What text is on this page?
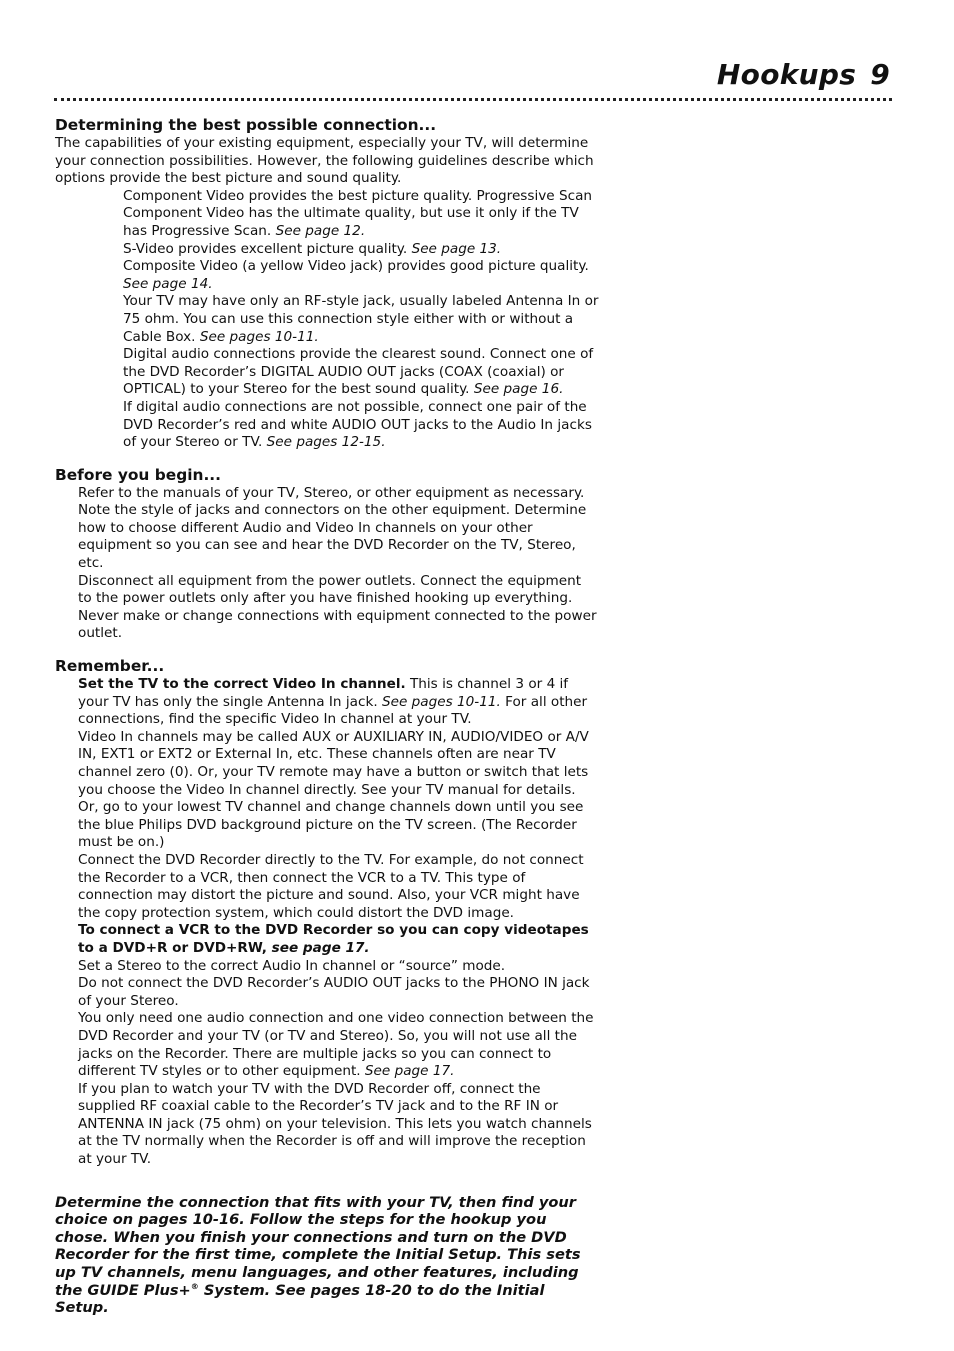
Hookups 9
Determining the best possible connection...

The capabilities of your existing equipment, especially your TV, will determine your connection possibilities. However, the following guidelines describe which options provide the best picture and sound quality.

Component Video provides the best picture quality. Progressive Scan Component Video has the ultimate quality, but use it only if the TV has Progressive Scan. See page 12.

S-Video provides excellent picture quality. See page 13.

Composite Video (a yellow Video jack) provides good picture quality. See page 14.

Your TV may have only an RF-style jack, usually labeled Antenna In or 75 ohm. You can use this connection style either with or without a Cable Box. See pages 10-11.

Digital audio connections provide the clearest sound. Connect one of the DVD Recorder’s DIGITAL AUDIO OUT jacks (COAX (coaxial) or OPTICAL) to your Stereo for the best sound quality. See page 16.

If digital audio connections are not possible, connect one pair of the DVD Recorder’s red and white AUDIO OUT jacks to the Audio In jacks of your Stereo or TV. See pages 12-15.

Before you begin...

Refer to the manuals of your TV, Stereo, or other equipment as necessary.

Note the style of jacks and connectors on the other equipment. Determine how to choose different Audio and Video In channels on your other equipment so you can see and hear the DVD Recorder on the TV, Stereo, etc.

Disconnect all equipment from the power outlets. Connect the equipment to the power outlets only after you have finished hooking up everything. Never make or change connections with equipment connected to the power outlet.

Remember...

Set the TV to the correct Video In channel. This is channel 3 or 4 if your TV has only the single Antenna In jack. See pages 10-11. For all other connections, find the specific Video In channel at your TV.

Video In channels may be called AUX or AUXILIARY IN, AUDIO/VIDEO or A/V IN, EXT1 or EXT2 or External In, etc. These channels often are near TV channel zero (0). Or, your TV remote may have a button or switch that lets you choose the Video In channel directly. See your TV manual for details.

Or, go to your lowest TV channel and change channels down until you see the blue Philips DVD background picture on the TV screen. (The Recorder must be on.)

Connect the DVD Recorder directly to the TV. For example, do not connect the Recorder to a VCR, then connect the VCR to a TV. This type of connection may distort the picture and sound. Also, your VCR might have the copy protection system, which could distort the DVD image.

To connect a VCR to the DVD Recorder so you can copy videotapes to a DVD+R or DVD+RW, see page 17.

Set a Stereo to the correct Audio In channel or “source” mode.

Do not connect the DVD Recorder’s AUDIO OUT jacks to the PHONO IN jack of your Stereo.

You only need one audio connection and one video connection between the DVD Recorder and your TV (or TV and Stereo). So, you will not use all the jacks on the Recorder. There are multiple jacks so you can connect to different TV styles or to other equipment. See page 17.

If you plan to watch your TV with the DVD Recorder off, connect the supplied RF coaxial cable to the Recorder’s TV jack and to the RF IN or ANTENNA IN jack (75 ohm) on your television. This lets you watch channels at the TV normally when the Recorder is off and will improve the reception at your TV.

Determine the connection that fits with your TV, then find your choice on pages 10-16. Follow the steps for the hookup you chose. When you finish your connections and turn on the DVD Recorder for the first time, complete the Initial Setup. This sets up TV channels, menu languages, and other features, including the GUIDE Plus+® System. See pages 18-20 to do the Initial Setup.
